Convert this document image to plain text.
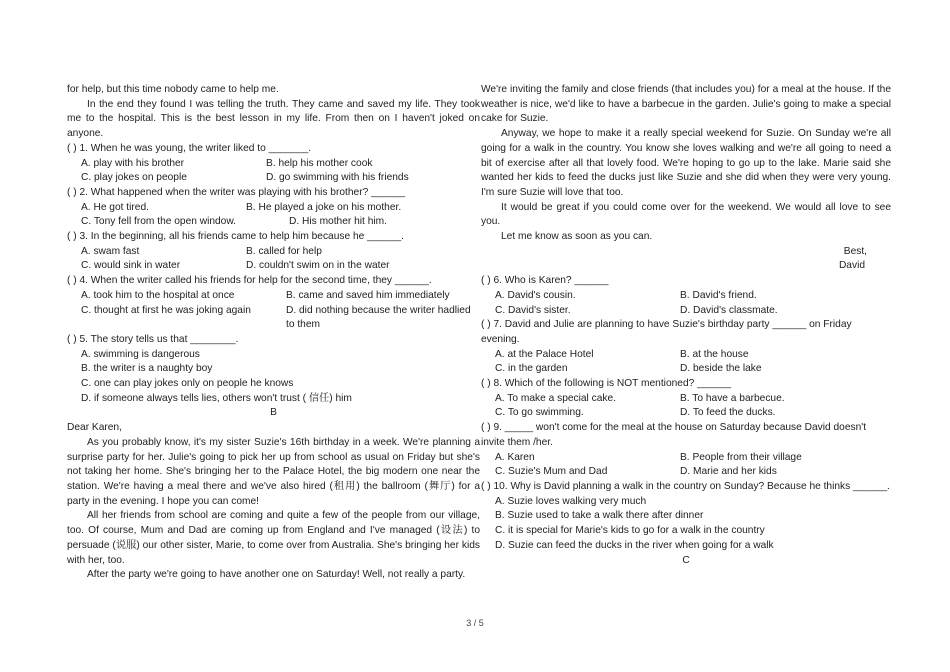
for help, but this time nobody came to help me.

In the end they found I was telling the truth. They came and saved my life. They took me to the hospital. This is the best lesson in my life. From then on I haven't joked on anyone.

( ) 1. When he was young, the writer liked to _______.

A. play with his brother	B. help his mother cook
C. play jokes on people	D. go swimming with his friends

( ) 2. What happened when the writer was playing with his brother? ______

A. He got tired.	B. He played a joke on his mother.
C. Tony fell from the open window.	D. His mother hit him.

( ) 3. In the beginning, all his friends came to help him because he ______.

A. swam fast	B. called for help
C. would sink in water	D. couldn't swim on in the water

( ) 4. When the writer called his friends for help for the second time, they ______.

A. took him to the hospital at once	B. came and saved him immediately
C. thought at first he was joking again	D. did nothing because the writer hadlied to them

( ) 5. The story tells us that ________.

A. swimming is dangerous
B. the writer is a naughty boy
C. one can play jokes only on people he knows
D. if someone always tells lies, others won't trust ( 信任) him

B

Dear Karen,

As you probably know, it's my sister Suzie's 16th birthday in a week. We're planning a surprise party for her. Julie's going to pick her up from school as usual on Friday but she's not taking her home. She's bringing her to the Palace Hotel, the big modern one near the station. We're having a meal there and we've also hired (租用) the ballroom (舞厅) for a party in the evening. I hope you can come!

All her friends from school are coming and quite a few of the people from our village, too. Of course, Mum and Dad are coming up from England and I've managed (设法) to persuade (说服) our other sister, Marie, to come over from Australia. She's bringing her kids with her, too.

After the party we're going to have another one on Saturday! Well, not really a party.

We're inviting the family and close friends (that includes you) for a meal at the house. If the weather is nice, we'd like to have a barbecue in the garden. Julie's going to make a special cake for Suzie.

Anyway, we hope to make it a really special weekend for Suzie. On Sunday we're all going for a walk in the country. You know she loves walking and we're all going to need a bit of exercise after all that lovely food. We're hoping to go up to the lake. Marie said she wanted her kids to feed the ducks just like Suzie and she did when they were very young. I'm sure Suzie will love that too.

It would be great if you could come over for the weekend. We would all love to see you.

Let me know as soon as you can.

Best,

David

( ) 6. Who is Karen? ______

A. David's cousin.	B. David's friend.
C. David's sister.	D. David's classmate.

( ) 7. David and Julie are planning to have Suzie's birthday party ______ on Friday evening.

A. at the Palace Hotel	B. at the house
C. in the garden	D. beside the lake

( ) 8. Which of the following is NOT mentioned? ______

A. To make a special cake.	B. To have a barbecue.
C. To go swimming.	D. To feed the ducks.

( ) 9. _____ won't come for the meal at the house on Saturday because David doesn't invite them /her.

A. Karen	B. People from their village
C. Suzie's Mum and Dad	D. Marie and her kids

( ) 10. Why is David planning a walk in the country on Sunday? Because he thinks ______.

A. Suzie loves walking very much
B. Suzie used to take a walk there after dinner
C. it is special for Marie's kids to go for a walk in the country
D. Suzie can feed the ducks in the river when going for a walk

C

3 / 5
